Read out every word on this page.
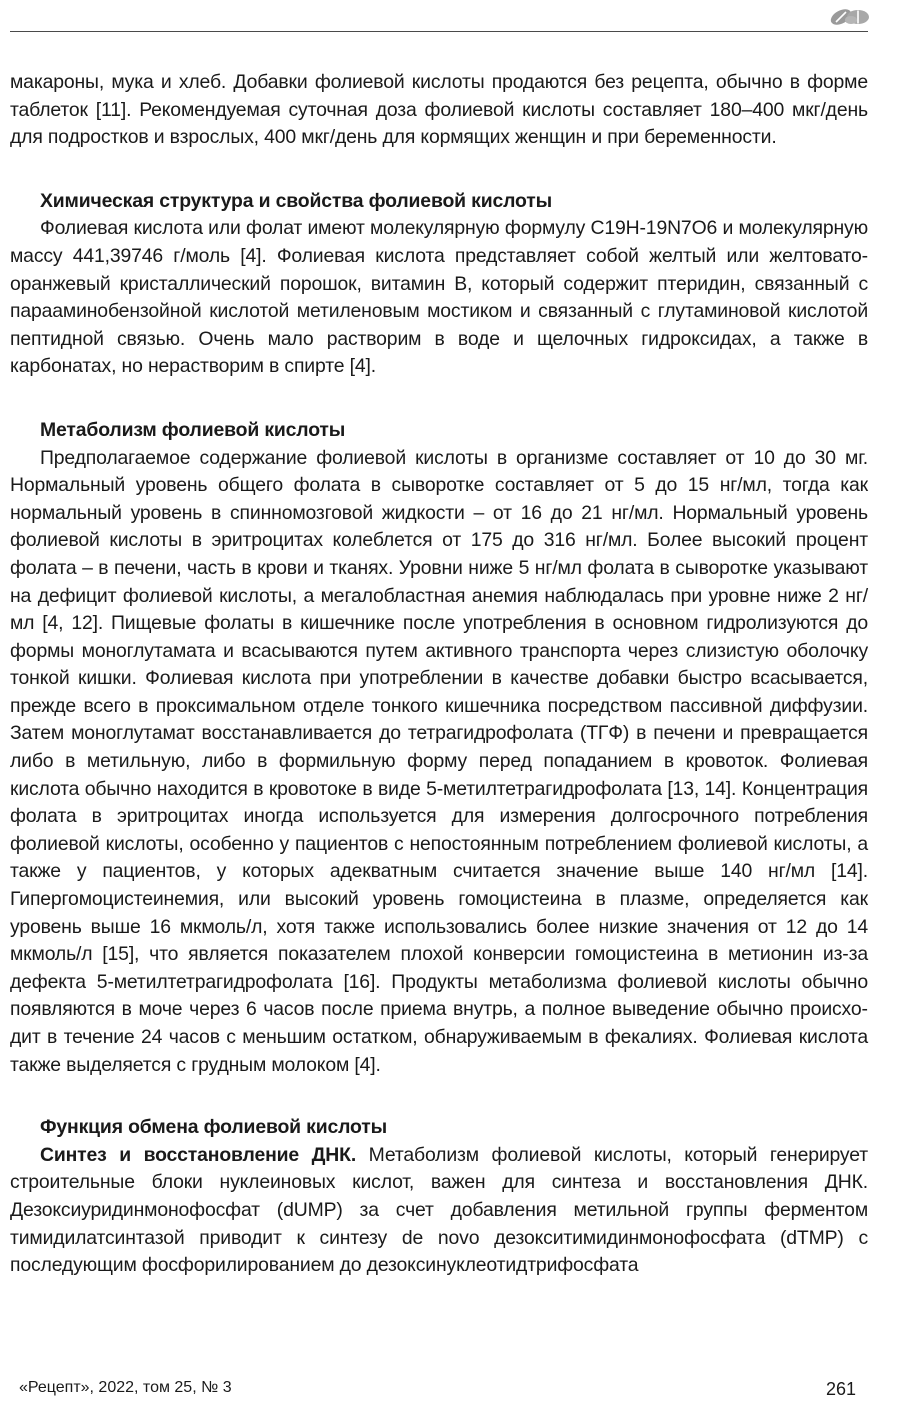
макароны, мука и хлеб. Добавки фолиевой кислоты продаются без рецепта, обычно в форме таблеток [11]. Рекомендуемая суточная доза фолиевой кислоты составляет 180–400 мкг/день для подростков и взрослых, 400 мкг/день для кормящих женщин и при беременности.

Химическая структура и свойства фолиевой кислоты

Фолиевая кислота или фолат имеют молекулярную формулу С19Н-19N7О6 и молекулярную массу 441,39746 г/моль [4]. Фолиевая кислота представляет собой желтый или желтовато-оранжевый кристаллический порошок, витамин В, который содержит птеридин, связанный с парааминобензойной кислотой метиленовым мостиком и связанный с глутаминовой кислотой пептидной связью. Очень мало растворим в воде и щелочных гидроксидах, а также в карбонатах, но нерастворим в спирте [4].

Метаболизм фолиевой кислоты

Предполагаемое содержание фолиевой кислоты в организме составляет от 10 до 30 мг. Нормальный уровень общего фолата в сыворотке составляет от 5 до 15 нг/мл, тогда как нормальный уровень в спинномозговой жидкости – от 16 до 21 нг/мл. Нормальный уровень фолиевой кислоты в эритроцитах колеблется от 175 до 316 нг/мл. Более высокий процент фолата – в печени, часть в крови и тканях. Уровни ниже 5 нг/мл фолата в сыворотке указывают на дефицит фолиевой кислоты, а мегалобластная анемия наблюдалась при уровне ниже 2 нг/мл [4, 12]. Пищевые фолаты в кишечнике после употребления в основном гидролизуются до формы моноглутамата и всасываются путем активного транспорта через слизистую оболочку тонкой кишки. Фолиевая кислота при употреблении в качестве добавки быстро всасывается, прежде всего в проксимальном отделе тонкого кишечника посредством пассивной диффузии. Затем моноглутамат восстанавливается до тетрагидрофолата (ТГФ) в печени и превращается либо в метильную, либо в формильную форму перед попаданием в кровоток. Фолиевая кислота обычно находится в кровотоке в виде 5-метилтетрагидрофолата [13, 14]. Концентрация фолата в эритроцитах иногда используется для измерения долгосрочного потребления фолиевой кислоты, особенно у пациентов с непостоянным потреблением фолиевой кислоты, а также у пациентов, у которых адекватным считается значение выше 140 нг/мл [14]. Гипергомоцистеинемия, или высокий уровень гомоцистеина в плазме, определяется как уровень выше 16 мкмоль/л, хотя также использовались более низкие значения от 12 до 14 мкмоль/л [15], что является показателем плохой конверсии гомоцистеина в метионин из-за дефекта 5-метилтетрагидрофолата [16]. Продукты метаболизма фолиевой кислоты обычно появляются в моче через 6 часов после приема внутрь, а полное выведение обычно происходит в течение 24 часов с меньшим остатком, обнаруживаемым в фекалиях. Фолиевая кислота также выделяется с грудным молоком [4].

Функция обмена фолиевой кислоты

Синтез и восстановление ДНК. Метаболизм фолиевой кислоты, который генерирует строительные блоки нуклеиновых кислот, важен для синтеза и восстановления ДНК. Дезоксиуридинмонофосфат (dUMP) за счет добавления метильной группы ферментом тимидилатсинтазой приводит к синтезу de novo дезокситимидинмонофосфата (dTMP) с последующим фосфорилированием до дезоксинуклеотидтрифосфата

«Рецепт», 2022, том 25, № 3	261
